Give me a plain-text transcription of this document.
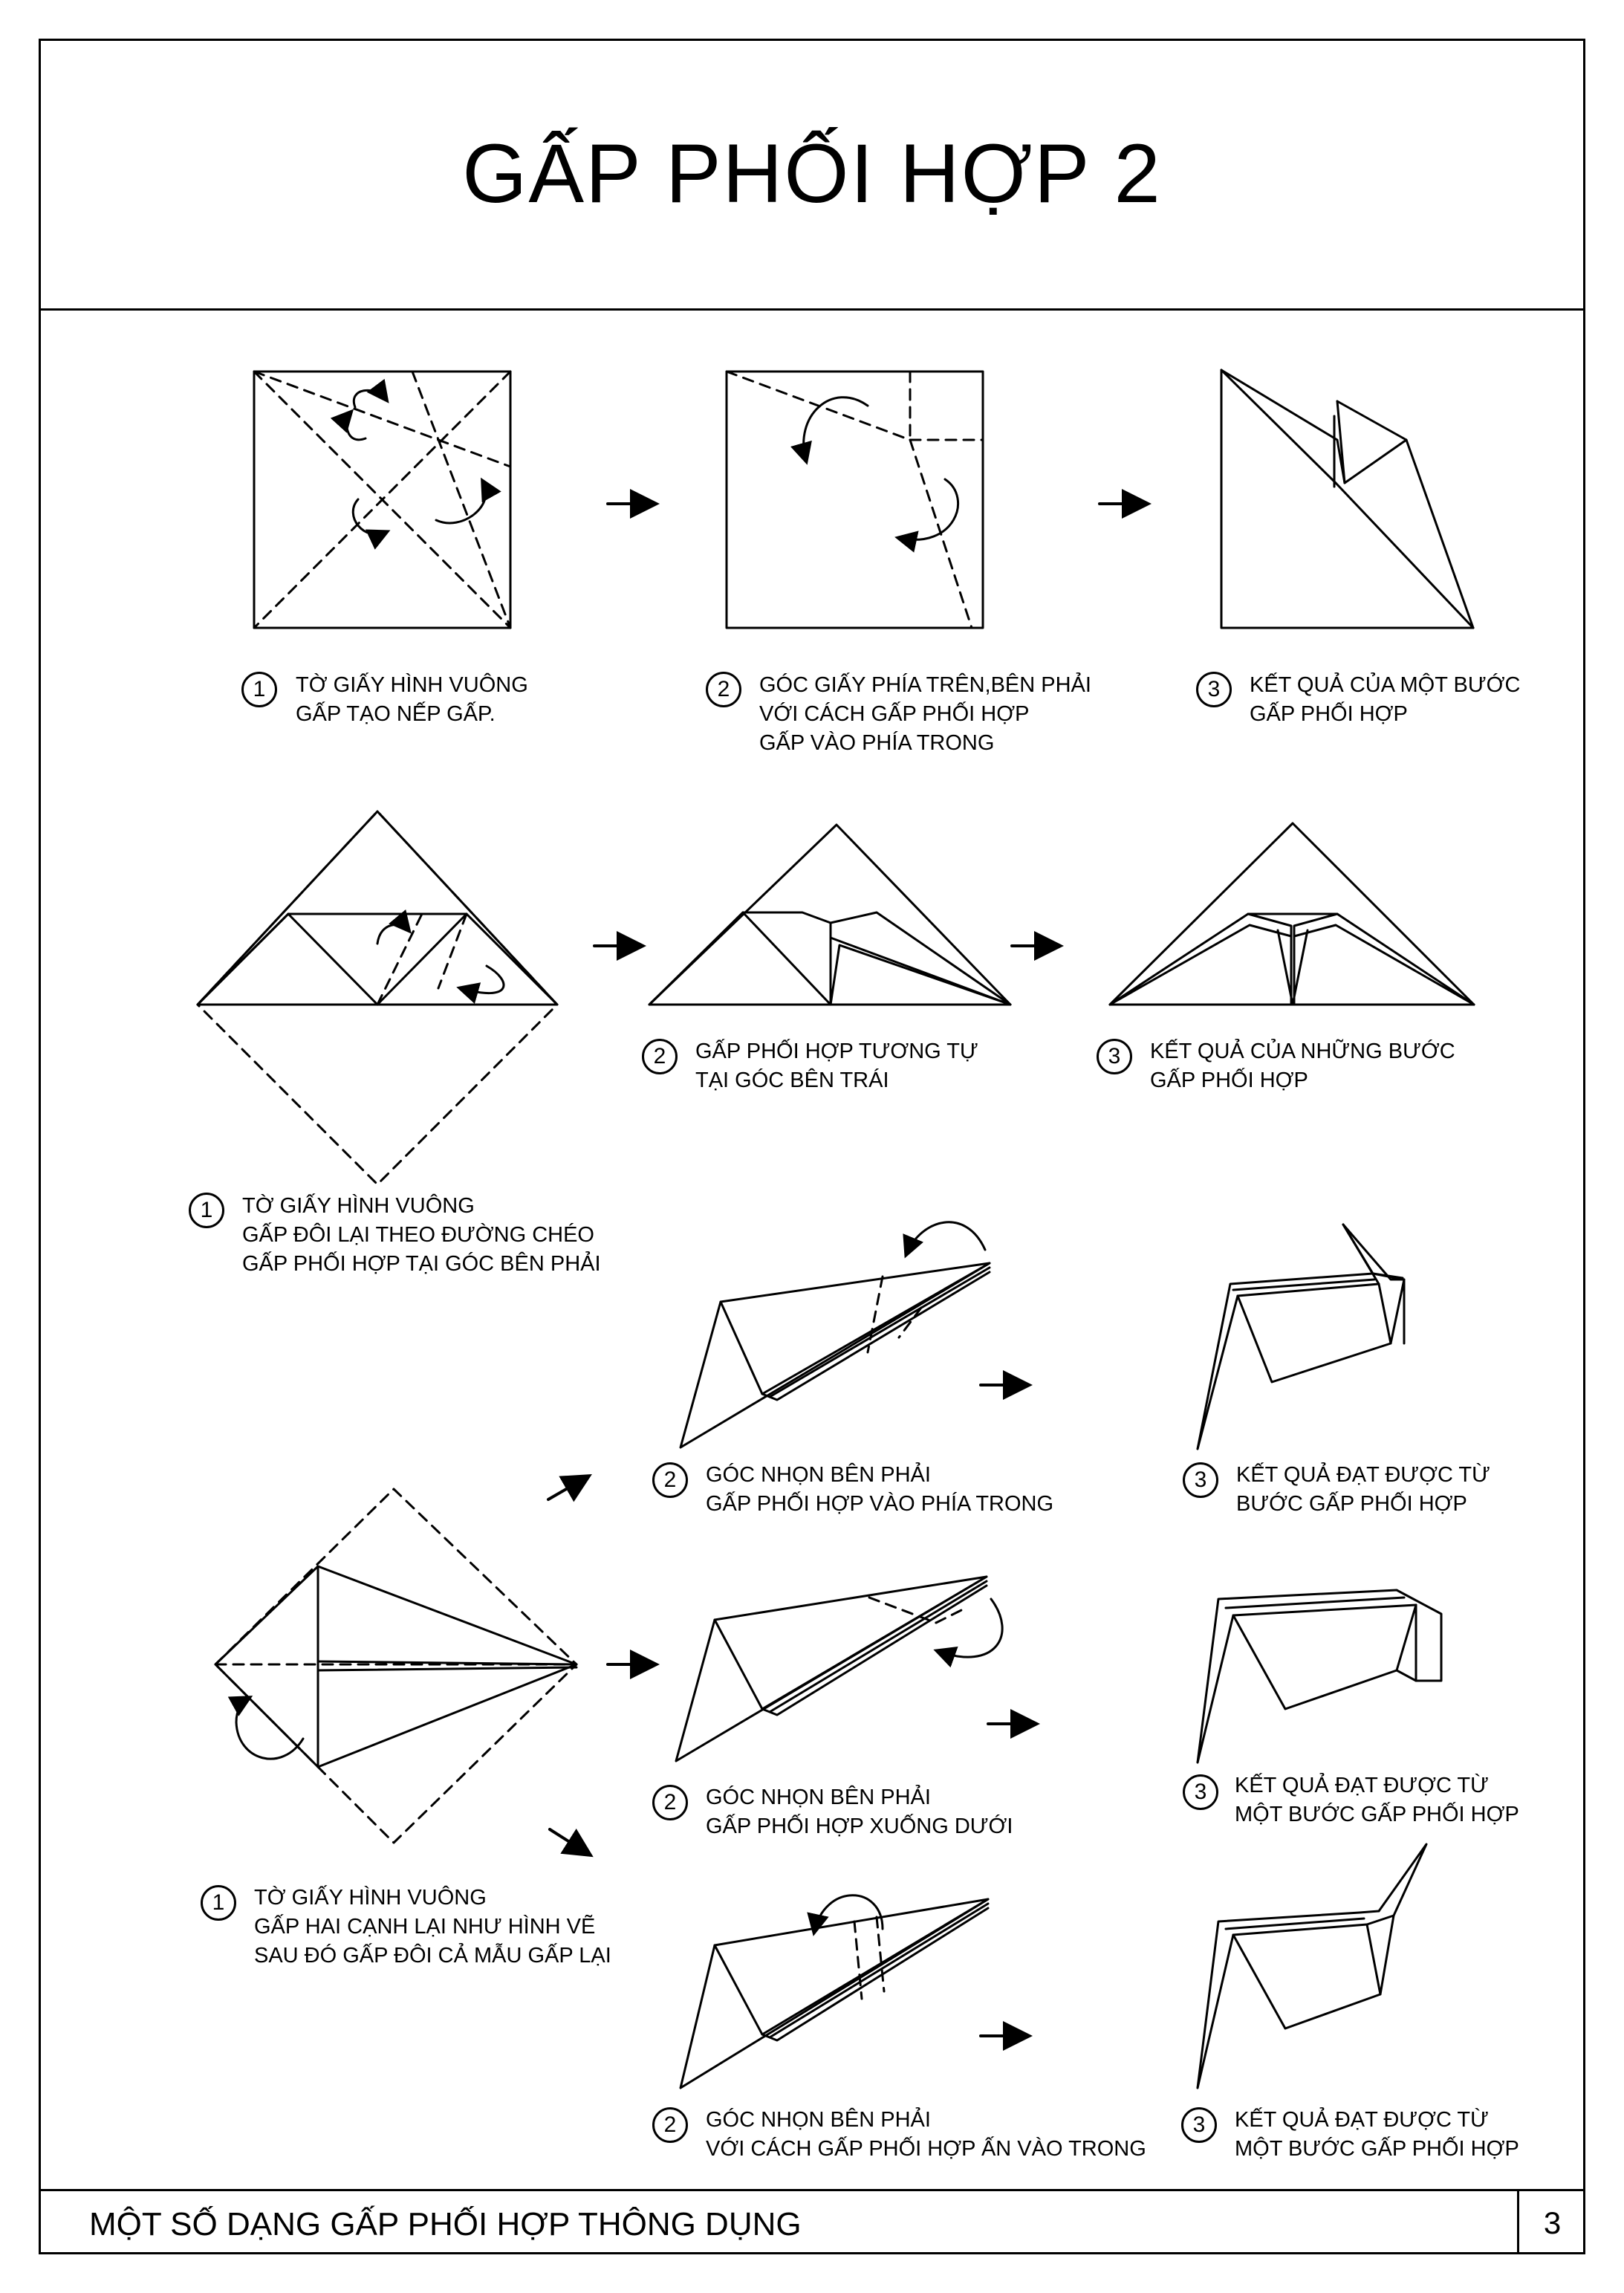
GẤP PHỐI HỢP 2
1	TỜ GIẤY HÌNH VUÔNG
GẤP TẠO NẾP GẤP.
2	GÓC GIẤY PHÍA TRÊN,BÊN PHẢI
VỚI CÁCH GẤP PHỐI HỢP
GẤP VÀO PHÍA TRONG
3	KẾT QUẢ CỦA MỘT BƯỚC
GẤP PHỐI HỢP
1	TỜ GIẤY HÌNH VUÔNG
GẤP ĐÔI LẠI THEO ĐƯỜNG CHÉO
GẤP PHỐI HỢP TẠI GÓC BÊN PHẢI
2	GẤP PHỐI HỢP TƯƠNG TỰ
TẠI GÓC BÊN TRÁI
3	KẾT QUẢ CỦA NHỮNG BƯỚC
GẤP PHỐI HỢP
1	TỜ GIẤY HÌNH VUÔNG
GẤP HAI CẠNH LẠI NHƯ HÌNH VẼ
SAU ĐÓ GẤP ĐÔI CẢ MẪU GẤP LẠI
2	GÓC NHỌN BÊN PHẢI
GẤP PHỐI HỢP VÀO PHÍA TRONG
3	KẾT QUẢ ĐẠT ĐƯỢC TỪ
BƯỚC GẤP PHỐI HỢP
2	GÓC NHỌN BÊN PHẢI
GẤP PHỐI HỢP XUỐNG DƯỚI
3	KẾT QUẢ ĐẠT ĐƯỢC TỪ
MỘT BƯỚC GẤP PHỐI HỢP
2	GÓC NHỌN BÊN PHẢI
VỚI CÁCH GẤP PHỐI HỢP ẤN VÀO TRONG
3	KẾT QUẢ ĐẠT ĐƯỢC TỪ
MỘT BƯỚC GẤP PHỐI HỢP
MỘT SỐ DẠNG GẤP PHỐI HỢP THÔNG DỤNG	3
